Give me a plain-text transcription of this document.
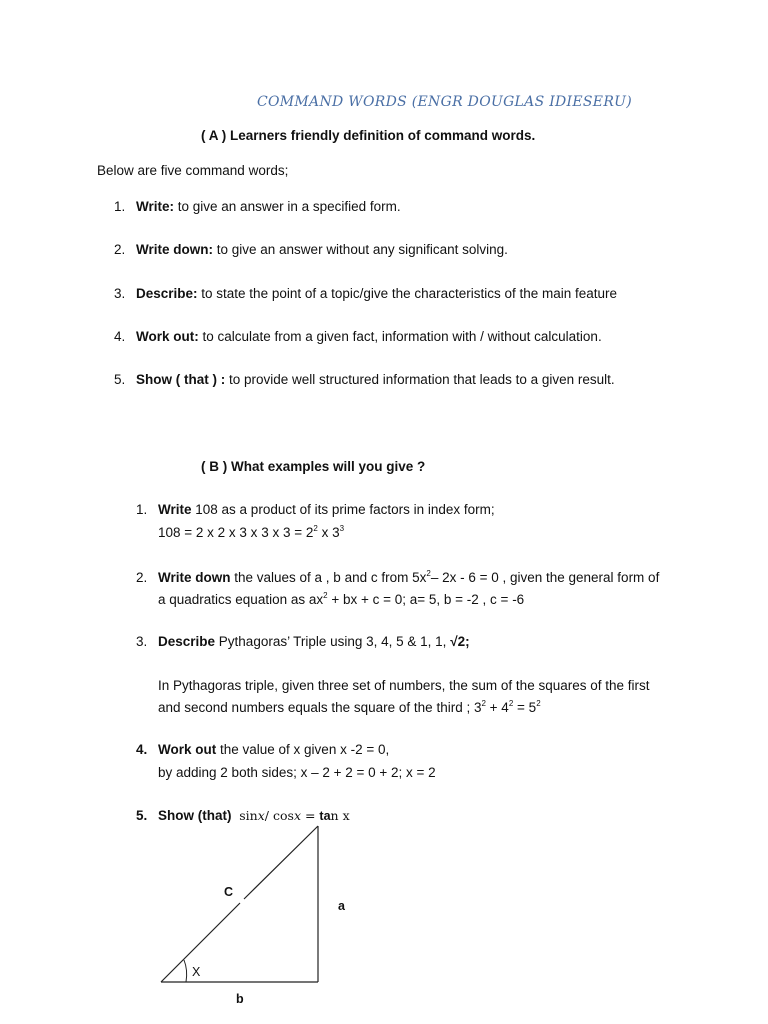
COMMAND WORDS (ENGR DOUGLAS IDIESERU)
( A ) Learners friendly definition of command words.
Below are five command words;
1. Write: to give an answer in a specified form.
2. Write down: to give an answer without any significant solving.
3. Describe: to state the point of a topic/give the characteristics of the main feature
4. Work out: to calculate from a given fact, information with / without calculation.
5. Show ( that ) : to provide well structured information that leads to a given result.
( B ) What examples will you give ?
1. Write 108 as a product of its prime factors in index form;
108 = 2 x 2 x 3 x 3 x $3 = 2^2$ x $3^3$
2. Write down the values of a , b and c from $5x^2-$ 2x - 6 = 0 , given the general form of
a quadratics equation as $ax^2$ + bx + c = 0; a= 5, b = -2 , c = -6
3. Describe Pythagoras’ Triple using 3, 4, 5 & 1, 1, √2;
In Pythagoras triple, given three set of numbers, the sum of the squares of the first
and second numbers equals the square of the third ; $3^2 + 4^2 = 5^2$
4. Work out the value of x given x -2 = 0,
by adding 2 both sides; x – 2 + 2 = 0 + 2; x = 2
5. Show (that) sinx/ cosx = tan x
C
a
X
b
